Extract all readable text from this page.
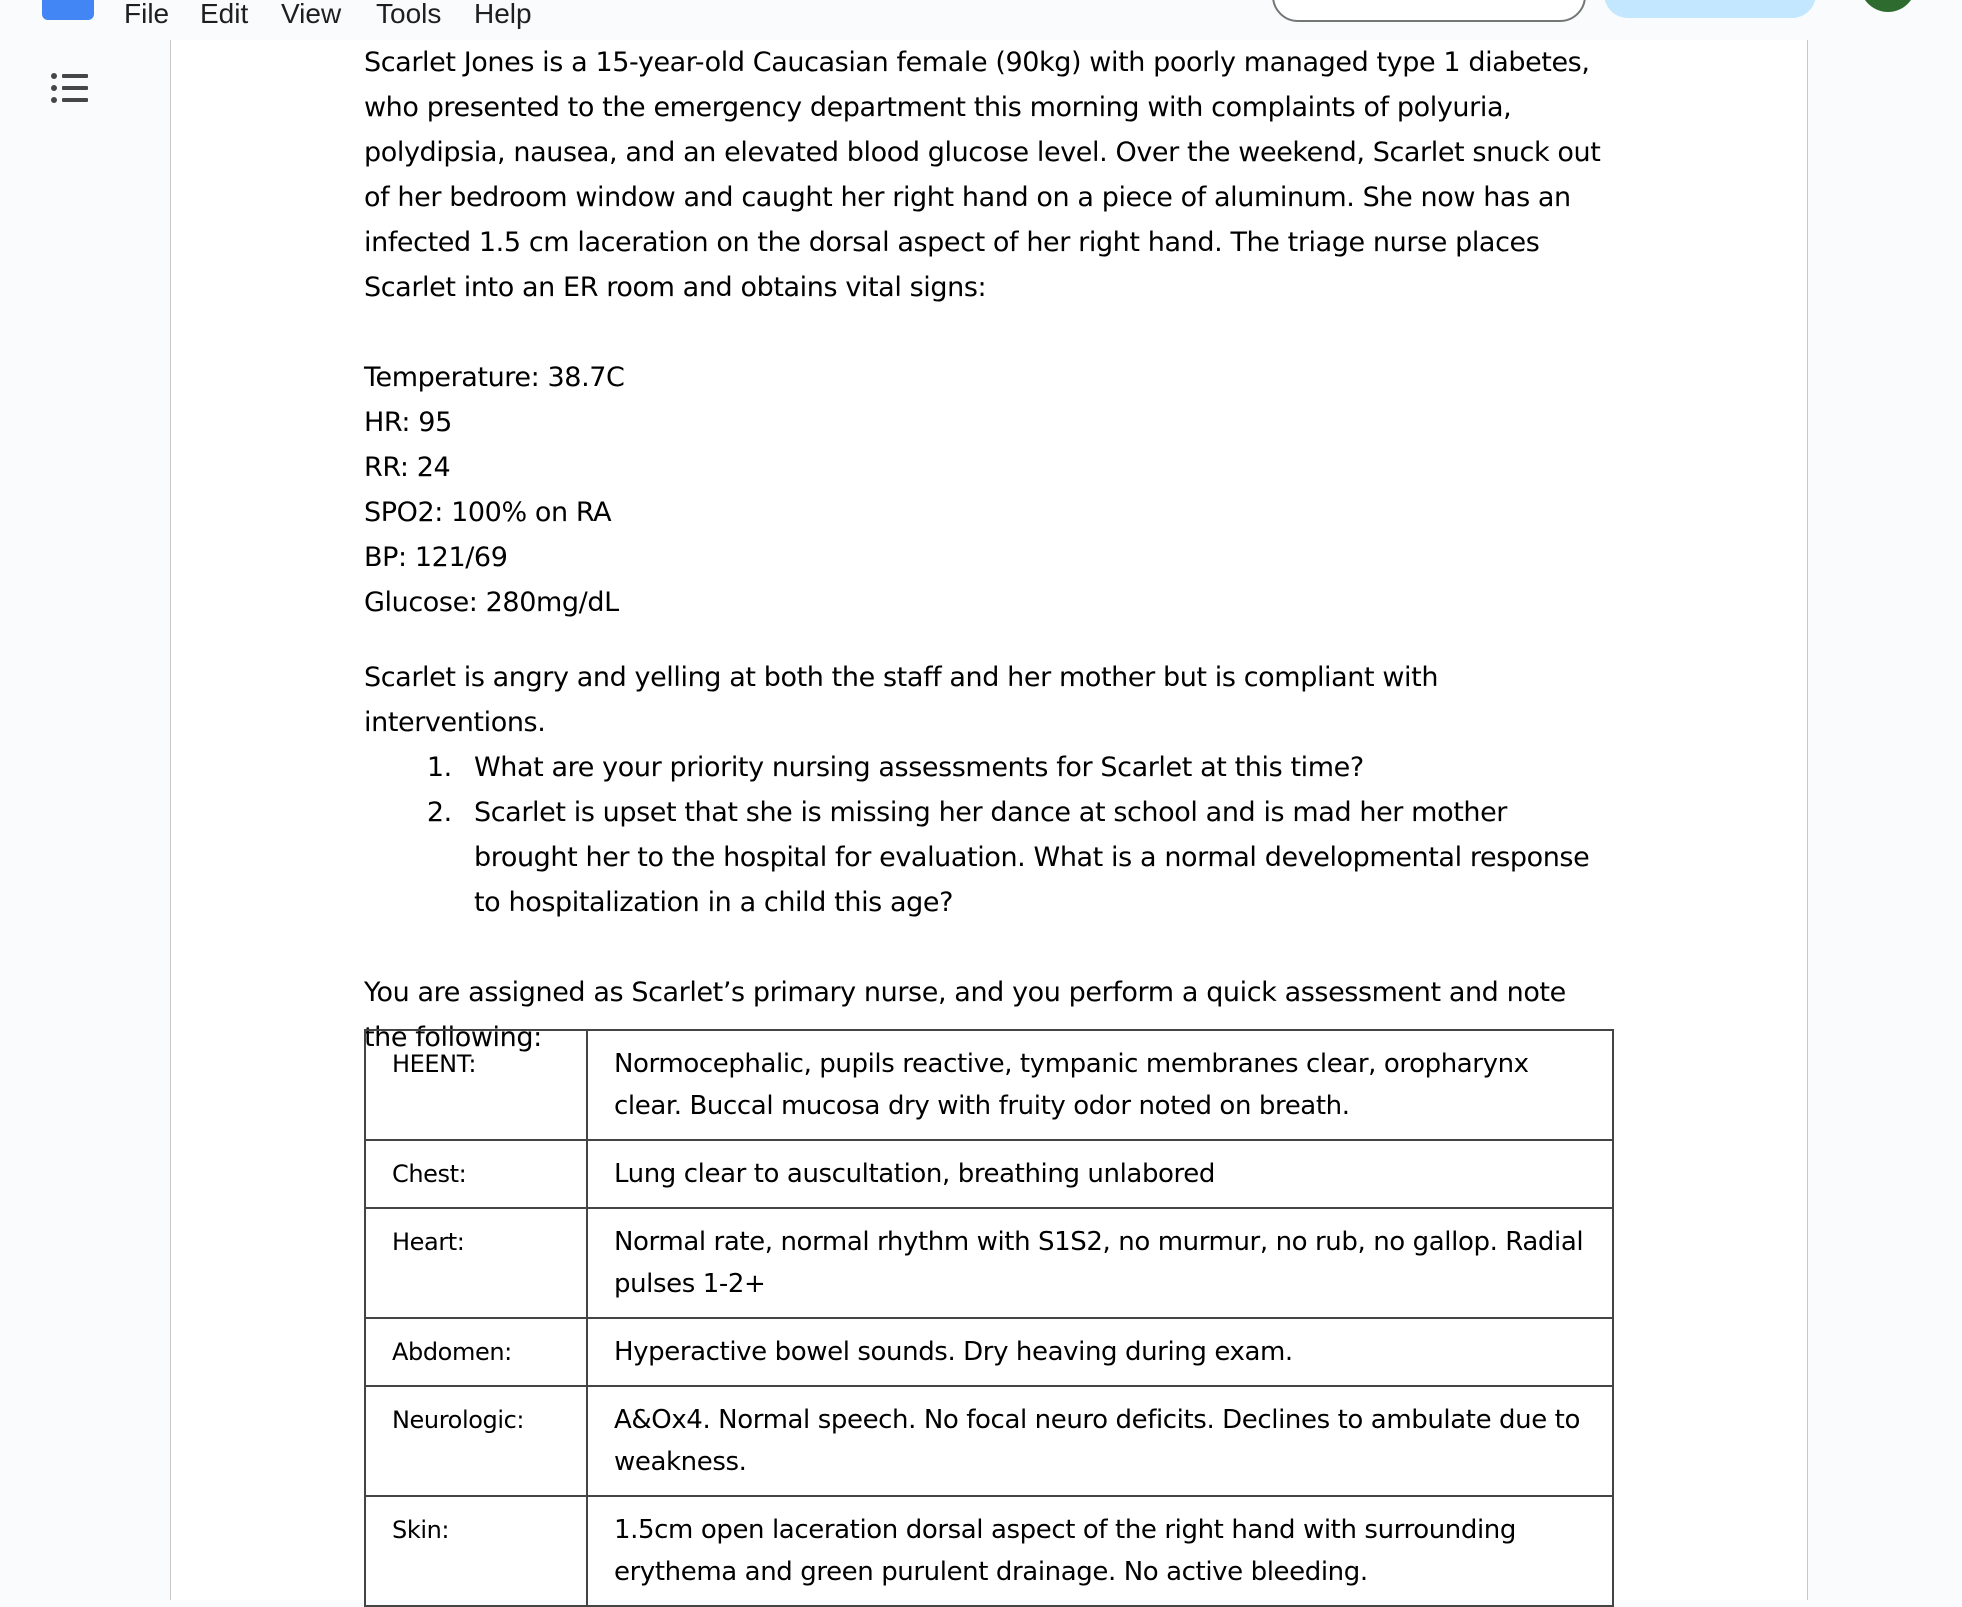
File Edit View Tools Help

Scarlet Jones is a 15-year-old Caucasian female (90kg) with poorly managed type 1 diabetes, who presented to the emergency department this morning with complaints of polyuria, polydipsia, nausea, and an elevated blood glucose level. Over the weekend, Scarlet snuck out of her bedroom window and caught her right hand on a piece of aluminum. She now has an infected 1.5 cm laceration on the dorsal aspect of her right hand. The triage nurse places Scarlet into an ER room and obtains vital signs:

Temperature: 38.7C

HR: 95

RR: 24

SPO2: 100% on RA

BP: 121/69

Glucose: 280mg/dL

Scarlet is angry and yelling at both the staff and her mother but is compliant with interventions.

1. What are your priority nursing assessments for Scarlet at this time?
2. Scarlet is upset that she is missing her dance at school and is mad her mother brought her to the hospital for evaluation. What is a normal developmental response to hospitalization in a child this age?

You are assigned as Scarlet’s primary nurse, and you perform a quick assessment and note the following:

HEENT:	Normocephalic, pupils reactive, tympanic membranes clear, oropharynx clear. Buccal mucosa dry with fruity odor noted on breath.
Chest:	Lung clear to auscultation, breathing unlabored
Heart:	Normal rate, normal rhythm with S1S2, no murmur, no rub, no gallop. Radial pulses 1-2+
Abdomen:	Hyperactive bowel sounds. Dry heaving during exam.
Neurologic:	A&Ox4. Normal speech. No focal neuro deficits. Declines to ambulate due to weakness.
Skin:	1.5cm open laceration dorsal aspect of the right hand with surrounding erythema and green purulent drainage. No active bleeding.
